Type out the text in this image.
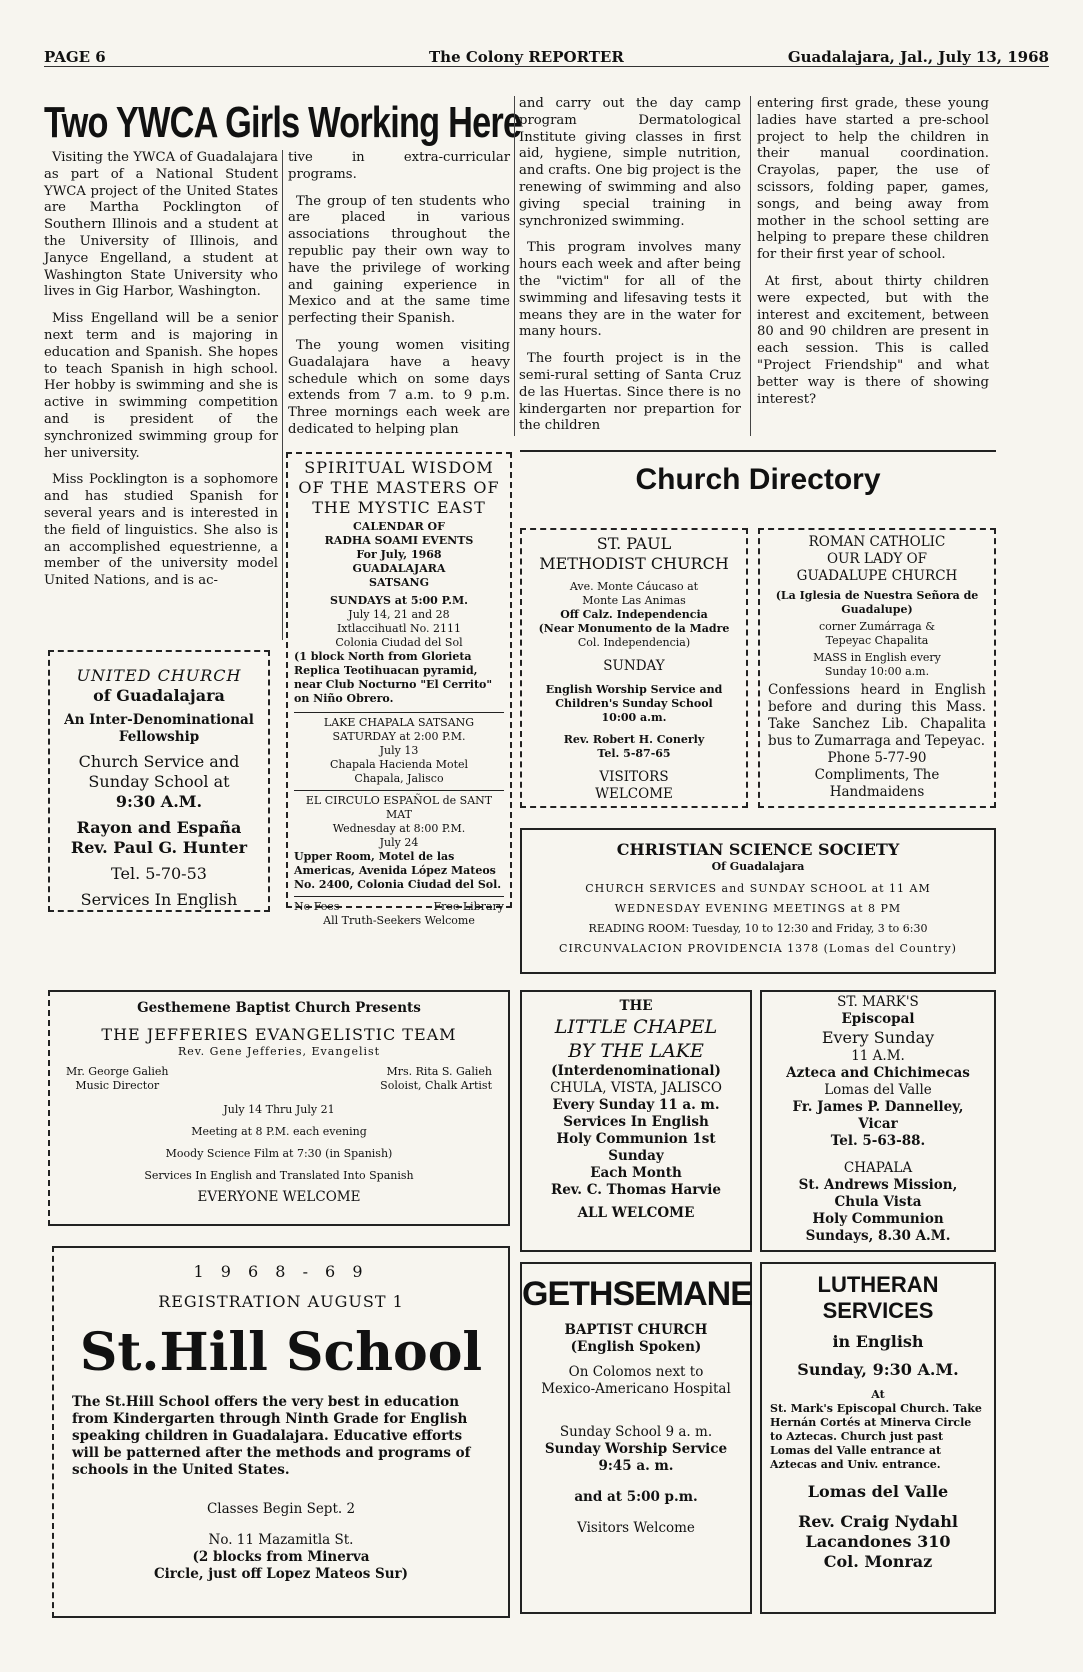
PAGE 6	The Colony REPORTER	Guadalajara, Jal., July 13, 1968
Two YWCA Girls Working Here

Visiting the YWCA of Guadalajara as part of a National Student YWCA project of the United States are Martha Pocklington of Southern Illinois and a student at the University of Illinois, and Janyce Engelland, a student at Washington State University who lives in Gig Harbor, Washington.

Miss Engelland will be a senior next term and is majoring in education and Spanish. She hopes to teach Spanish in high school. Her hobby is swimming and she is active in swimming competition and is president of the synchronized swimming group for her university.

Miss Pocklington is a sophomore and has studied Spanish for several years and is interested in the field of linguistics. She also is an accomplished equestrienne, a member of the university model United Nations, and is ac-

tive in extra-curricular programs.

The group of ten students who are placed in various associations throughout the republic pay their own way to have the privilege of working and gaining experience in Mexico and at the same time perfecting their Spanish.

The young women visiting Guadalajara have a heavy schedule which on some days extends from 7 a.m. to 9 p.m. Three mornings each week are dedicated to helping plan

and carry out the day camp program Dermatological Institute giving classes in first aid, hygiene, simple nutrition, and crafts. One big project is the renewing of swimming and also giving special training in synchronized swimming.

This program involves many hours each week and after being the "victim" for all of the swimming and lifesaving tests it means they are in the water for many hours.

The fourth project is in the semi-rural setting of Santa Cruz de las Huertas. Since there is no kindergarten nor prepartion for the children

entering first grade, these young ladies have started a pre-school project to help the children in their manual coordination. Crayolas, paper, the use of scissors, folding paper, games, songs, and being away from mother in the school setting are helping to prepare these children for their first year of school.

At first, about thirty children were expected, but with the interest and excitement, between 80 and 90 children are present in each session. This is called "Project Friendship" and what better way is there of showing interest?

UNITED CHURCH
of Guadalajara
An Inter-Denominational
Fellowship
Church Service and
Sunday School at
9:30 A.M.
Rayon and España
Rev. Paul G. Hunter
Tel. 5-70-53
Services In English
SPIRITUAL WISDOM
OF THE MASTERS OF
THE MYSTIC EAST
CALENDAR OF
RADHA SOAMI EVENTS
For July, 1968
GUADALAJARA
SATSANG
SUNDAYS at 5:00 P.M.
July 14, 21 and 28
Ixtlaccihuatl No. 2111
Colonia Ciudad del Sol
(1 block North from Glorieta Replica Teotihuacan pyramid, near Club Nocturno "El Cerrito" on Niño Obrero.
LAKE CHAPALA SATSANG
SATURDAY at 2:00 P.M.
July 13
Chapala Hacienda Motel
Chapala, Jalisco
EL CIRCULO ESPAÑOL de SANT MAT
Wednesday at 8:00 P.M.
July 24
Upper Room, Motel de las Americas, Avenida López Mateos No. 2400, Colonia Ciudad del Sol.
No Fees	Free Library
All Truth-Seekers Welcome
Church Directory
ST. PAUL
METHODIST CHURCH
Ave. Monte Cáucaso at
Monte Las Animas
Off Calz. Independencia
(Near Monumento de la Madre
Col. Independencia)
SUNDAY
English Worship Service and
Children's Sunday School
10:00 a.m.
Rev. Robert H. Conerly
Tel. 5-87-65
VISITORS
WELCOME
ROMAN CATHOLIC
OUR LADY OF
GUADALUPE CHURCH
(La Iglesia de Nuestra Señora de Guadalupe)
corner Zumárraga &
Tepeyac Chapalita
MASS in English every
Sunday 10:00 a.m.
Confessions heard in English before and during this Mass. Take Sanchez Lib. Chapalita bus to Zumarraga and Tepeyac.
Phone 5-77-90
Compliments, The Handmaidens
CHRISTIAN SCIENCE SOCIETY
Of Guadalajara
CHURCH SERVICES and SUNDAY SCHOOL at 11 AM
WEDNESDAY EVENING MEETINGS at 8 PM
READING ROOM: Tuesday, 10 to 12:30 and Friday, 3 to 6:30
CIRCUNVALACION PROVIDENCIA 1378 (Lomas del Country)
Gesthemene Baptist Church Presents
THE JEFFERIES EVANGELISTIC TEAM
Rev. Gene Jefferies, Evangelist
Mr. George Galieh
Music Director
Mrs. Rita S. Galieh
Soloist, Chalk Artist
July 14 Thru July 21
Meeting at 8 P.M. each evening
Moody Science Film at 7:30 (in Spanish)
Services In English and Translated Into Spanish
EVERYONE WELCOME
THE
LITTLE CHAPEL
BY THE LAKE
(Interdenominational)
CHULA, VISTA, JALISCO
Every Sunday 11 a. m.
Services In English
Holy Communion 1st
Sunday
Each Month
Rev. C. Thomas Harvie
ALL WELCOME
ST. MARK'S
Episcopal
Every Sunday
11 A.M.
Azteca and Chichimecas
Lomas del Valle
Fr. James P. Dannelley,
Vicar
Tel. 5-63-88.
CHAPALA
St. Andrews Mission,
Chula Vista
Holy Communion
Sundays, 8.30 A.M.
1 9 6 8 - 6 9
REGISTRATION AUGUST 1
St.Hill School
The St.Hill School offers the very best in education from Kindergarten through Ninth Grade for English speaking children in Guadalajara. Educative efforts will be patterned after the methods and programs of schools in the United States.
Classes Begin Sept. 2
No. 11 Mazamitla St.
(2 blocks from Minerva
Circle, just off Lopez Mateos Sur)
GETHSEMANE
BAPTIST CHURCH
(English Spoken)
On Colomos next to
Mexico-Americano Hospital
Sunday School 9 a. m.
Sunday Worship Service
9:45 a. m.
and at 5:00 p.m.
Visitors Welcome
LUTHERAN
SERVICES
in English
Sunday, 9:30 A.M.
At
St. Mark's Episcopal Church. Take Hernán Cortés at Minerva Circle to Aztecas. Church just past Lomas del Valle entrance at Aztecas and Univ. entrance.
Lomas del Valle
Rev. Craig Nydahl
Lacandones 310
Col. Monraz
